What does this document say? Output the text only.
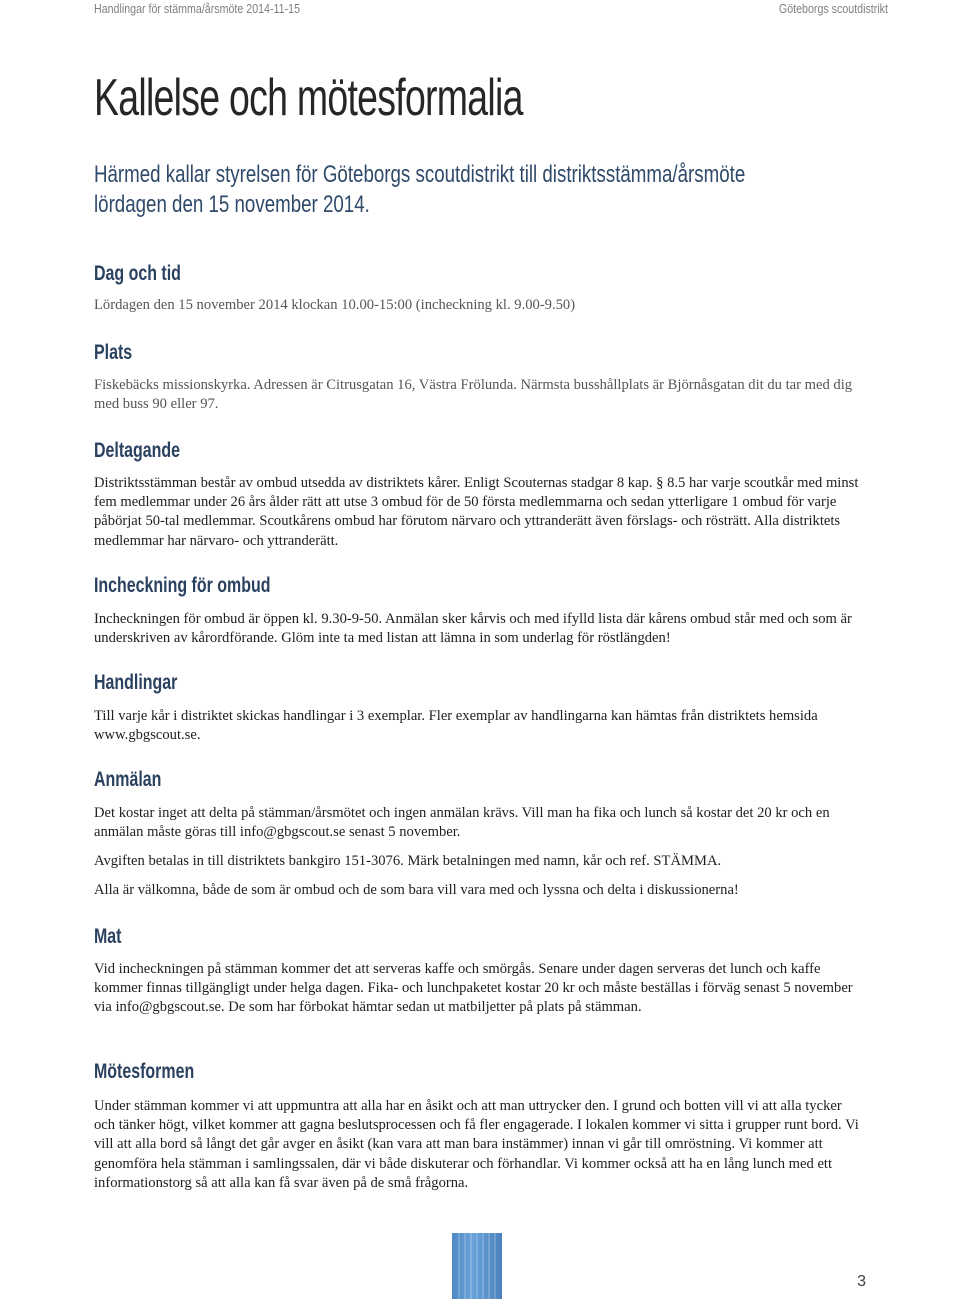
Handlingar för stämma/årsmöte 2014-11-15	Göteborgs scoutdistrikt
Kallelse och mötesformalia
Härmed kallar styrelsen för Göteborgs scoutdistrikt till distriktsstämma/årsmöte
lördagen den 15 november 2014.
Dag och tid

Lördagen den 15 november 2014 klockan 10.00-15:00 (incheckning kl. 9.00-9.50)

Plats

Fiskebäcks missionskyrka. Adressen är Citrusgatan 16, Västra Frölunda. Närmsta busshållplats är Björnåsgatan dit du tar med dig med buss 90 eller 97.

Deltagande

Distriktsstämman består av ombud utsedda av distriktets kårer. Enligt Scouternas stadgar 8 kap. § 8.5 har varje scoutkår med minst fem medlemmar under 26 års ålder rätt att utse 3 ombud för de 50 första medlemmarna och sedan ytterligare 1 ombud för varje påbörjat 50-tal medlemmar. Scoutkårens ombud har förutom närvaro och yttranderätt även förslags- och rösträtt. Alla distriktets medlemmar har närvaro- och yttranderätt.

Incheckning för ombud

Incheckningen för ombud är öppen kl. 9.30-9-50. Anmälan sker kårvis och med ifylld lista där kårens ombud står med och som är underskriven av kårordförande. Glöm inte ta med listan att lämna in som underlag för röstlängden!

Handlingar

Till varje kår i distriktet skickas handlingar i 3 exemplar. Fler exemplar av handlingarna kan hämtas från distriktets hemsida www.gbgscout.se.

Anmälan

Det kostar inget att delta på stämman/årsmötet och ingen anmälan krävs. Vill man ha fika och lunch så kostar det 20 kr och en anmälan måste göras till info@gbgscout.se senast 5 november.

Avgiften betalas in till distriktets bankgiro 151-3076. Märk betalningen med namn, kår och ref. STÄMMA.

Alla är välkomna, både de som är ombud och de som bara vill vara med och lyssna och delta i diskussionerna!

Mat

Vid incheckningen på stämman kommer det att serveras kaffe och smörgås. Senare under dagen serveras det lunch och kaffe kommer finnas tillgängligt under helga dagen. Fika- och lunchpaketet kostar 20 kr och måste beställas i förväg senast 5 november via info@gbgscout.se. De som har förbokat hämtar sedan ut matbiljetter på plats på stämman.

Mötesformen

Under stämman kommer vi att uppmuntra att alla har en åsikt och att man uttrycker den. I grund och botten vill vi att alla tycker och tänker högt, vilket kommer att gagna beslutsprocessen och få fler engagerade. I lokalen kommer vi sitta i grupper runt bord. Vi vill att alla bord så långt det går avger en åsikt (kan vara att man bara instämmer) innan vi går till omröstning. Vi kommer att genomföra hela stämman i samlingssalen, där vi både diskuterar och förhandlar. Vi kommer också att ha en lång lunch med ett informationstorg så att alla kan få svar även på de små frågorna.

3
